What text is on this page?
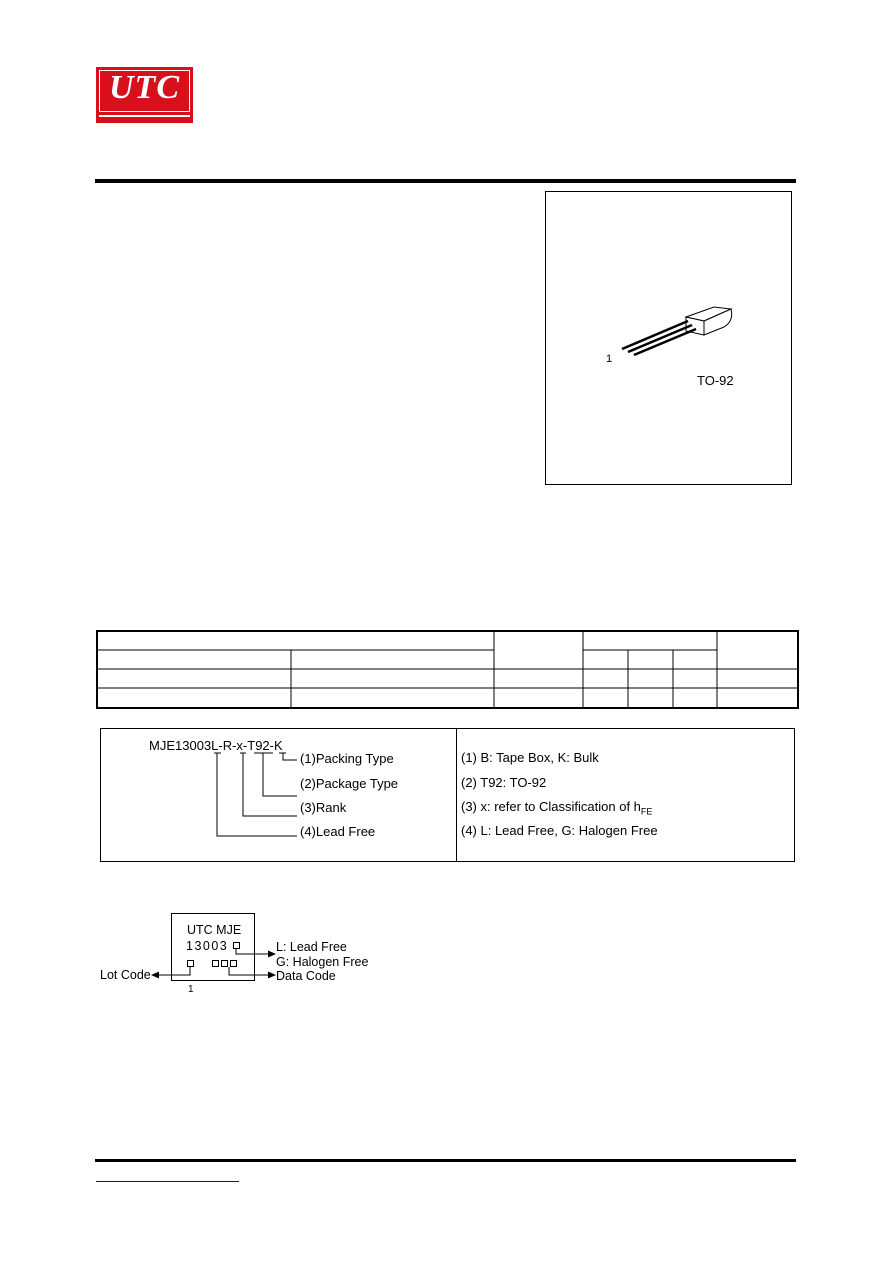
UTC
1
TO-92
MJE13003L-R-x-T92-K
(1)Packing Type
(2)Package Type
(3)Rank
(4)Lead Free
(1) B: Tape Box, K: Bulk
(2) T92: TO-92
(3) x: refer to Classification of $h_{FE}$
(4) L: Lead Free, G: Halogen Free
UTC MJE
13003	L: Lead Free
G: Halogen Free
Lot Code	Data Code
1
